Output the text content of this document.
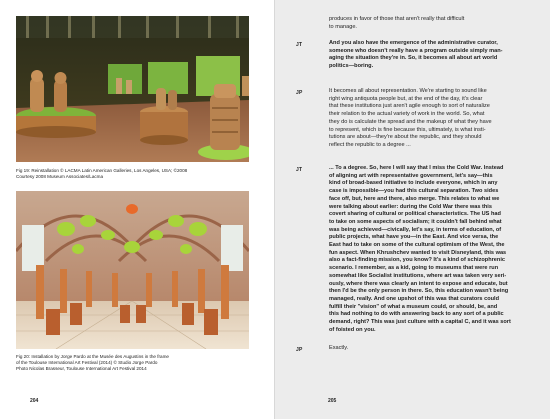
Fig 19: Reinstallation © LACMA Latin American Galleries, Los Angeles, USA; ©2008
Courtesy 2008 Museum Associates/Lacma
Fig 20: Installation by Jorge Pardo at the Musée des Augustins in the frame
of the Toulouse International Art Festival (2014) © Studio Jorge Pardo
Photo Nicolas Brasseur, Toulouse International Art Festival 2014
204
produces in favor of those that aren't really that difficult
to manage.
JT	And you also have the emergence of the administrative curator,
someone who doesn't really have a program outside simply man-
aging the situation they're in. So, it becomes all about art world
politics—boring.
JP	It becomes all about representation. We're starting to sound like
right wing antiquota people but, at the end of the day, it's clear
that these institutions just aren't agile enough to sort of naturalize
their relation to the actual variety of work in the world. So, what
they do is calculate the spread and the makeup of what they have
to represent, which is fine because this, ultimately, is what insti-
tutions are about—they're about the republic, and they should
reflect the republic to a degree ...
JT	... To a degree. So, here I will say that I miss the Cold War. Instead
of aligning art with representative government, let's say—this
kind of broad-based initiative to include everyone, which in any
case is impossible—you had this cultural separation. Two sides
face off, but, here and there, also merge. This relates to what we
were talking about earlier: during the Cold War there was this
covert sharing of cultural or political characteristics. The US had
to take on some aspects of socialism; it couldn't fall behind what
was being achieved—civically, let's say, in terms of education, of
public projects, what have you—in the East. And vice versa, the
East had to take on some of the cultural optimism of the West, the
fun aspect. When Khrushchev wanted to visit Disneyland, this was
also a fact-finding mission, you know? It's a kind of schizophrenic
scenario. I remember, as a kid, going to museums that were run
somewhat like Socialist institutions, where art was taken very seri-
ously, where there was clearly an intent to expose and educate, but
then I'd be the only person in there. So, this education wasn't being
managed, really. And one upshot of this was that curators could
fulfill their "vision" of what a museum could, or should, be, and
this had nothing to do with answering back to any sort of a public
demand, right? This was just culture with a capital C, and it was sort
of foisted on you.
JP	Exactly.
205
